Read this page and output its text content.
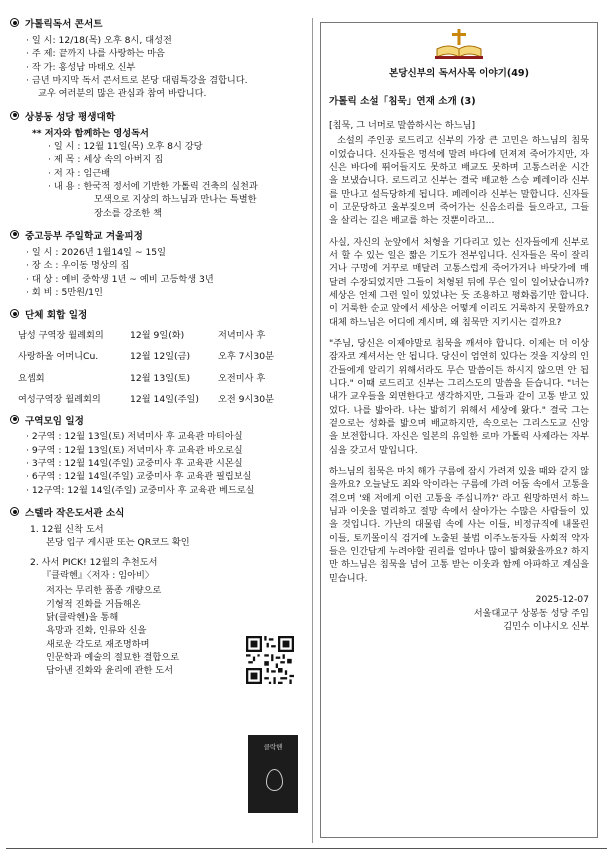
가톨릭독서 콘서트
· 일 시: 12/18(목) 오후 8시, 대성전
· 주 제: 끝까지 나를 사랑하는 마음
· 작 가: 홍성남 마태오 신부
· 금년 마지막 독서 콘서트로 본당 대림특강을 겸합니다.
교우 여러분의 많은 관심과 참여 바랍니다.
상봉동 성당 평생대학
** 저자와 함께하는 영성독서
· 일 시 : 12월 11일(목) 오후 8시 강당
· 제 목 : 세상 속의 아버지 집
· 저 자 : 임근배
· 내 용 : 한국적 정서에 기반한 가톨릭 건축의 실천과
모색으로 지상의 하느님과 만나는 특별한
장소를 강조한 책
중고등부 주일학교 겨울피정
· 일 시 : 2026년 1월14일 ~ 15일
· 장 소 : 우이동 명상의 집
· 대 상 : 예비 중학생 1년 ~ 예비 고등학생 3년
· 회 비 : 5만원/1인
단체 회합 일정
남성 구역장 월례회의	12월 9일(화)	저녁미사 후
사랑하올 어머니Cu.	12월 12일(금)	오후 7시30분
요셉회	12월 13일(토)	오전미사 후
여성구역장 월례회의	12월 14일(주일)	오전 9시30분
구역모임 일정
· 2구역 : 12월 13일(토) 저녁미사 후 교육관 마티아실
· 9구역 : 12월 13일(토) 저녁미사 후 교육관 바오로실
· 3구역 : 12월 14일(주일) 교중미사 후 교육관 시몬실
· 6구역 : 12월 14일(주일) 교중미사 후 교육관 필립보실
· 12구역: 12월 14일(주일) 교중미사 후 교육관 베드로실
스텔라 작은도서관 소식
1. 12월 신착 도서
본당 입구 게시판 또는 QR코드 확인
2. 사서 PICK! 12월의 추천도서
『클락헨』〈저자 : 임아비〉
저자는 무리한 품종 개량으로
기형적 진화를 거듭해온
닭(클락헨)을 통해
욕망과 진화, 인류와 신을
새로운 각도로 재조명하며
인문학과 예술의 절묘한 결합으로
담아낸 진화와 윤리에 관한 도서
클락헨
본당신부의 독서사목 이야기(49)
가톨릭 소설「침묵」연재 소개 (3)
[침묵, 그 너머로 말씀하시는 하느님]
소설의 주인공 로드리고 신부의 가장 큰 고민은 하느님의 침묵이었습니다. 신자들은 멍석에 말려 바다에 던져져 죽어가지만, 자신은 바다에 뛰어들지도 못하고 배교도 못하며 고통스러운 시간을 보냈습니다. 로드리고 신부는 결국 배교한 스승 페레이라 신부를 만나고 설득당하게 됩니다. 페레이라 신부는 말합니다. 신자들이 고문당하고 울부짖으며 죽어가는 신음소리를 들으라고, 그들을 살리는 길은 배교를 하는 것뿐이라고...
사실, 자신의 눈앞에서 처형을 기다리고 있는 신자들에게 신부로서 할 수 있는 일은 짧은 기도가 전부입니다. 신자들은 목이 잘리거나 구멍에 거꾸로 매달려 고통스럽게 죽어가거나 바닷가에 매달려 수장되었지만 그들이 처형된 뒤에 무슨 일이 일어났습니까? 세상은 언제 그런 일이 있었냐는 듯 조용하고 평화롭기만 합니다. 이 거룩한 순교 앞에서 세상은 어떻게 이리도 거룩하지 못할까요? 대체 하느님은 어디에 계시며, 왜 침묵만 지키시는 걸까요?
"주님, 당신은 이제야말로 침묵을 깨셔야 합니다. 이제는 더 이상 잠자코 계셔서는 안 됩니다. 당신이 엄연히 있다는 것을 지상의 인간들에게 알리기 위해서라도 무슨 말씀이든 하시지 않으면 안 됩니다." 이때 로드리고 신부는 그리스도의 말씀을 듣습니다. "너는 내가 교우들을 외면한다고 생각하지만, 그들과 같이 고통 받고 있었다. 나를 밟아라. 나는 밟히기 위해서 세상에 왔다." 결국 그는 겉으로는 성화를 밟으며 배교하지만, 속으로는 그리스도교 신앙을 보전합니다. 자신은 일본의 유일한 로마 가톨릭 사제라는 자부심을 갖고서 말입니다.
하느님의 침묵은 마치 해가 구름에 잠시 가려져 있을 때와 같지 않을까요? 오늘날도 죄와 악이라는 구름에 가려 어둠 속에서 고통을 겪으며 '왜 저에게 이런 고통을 주십니까?' 라고 원망하면서 하느님과 이웃을 멀리하고 절망 속에서 살아가는 수많은 사람들이 있을 것입니다. 가난의 대물림 속에 사는 이들, 비정규직에 내몰린 이들, 토끼몰이식 검거에 노출된 불법 이주노동자들 사회적 약자들은 인간답게 누려야할 권리를 얼마나 많이 밟혀왔을까요? 하지만 하느님은 침묵을 넘어 고통 받는 이웃과 함께 아파하고 계심을 믿습니다.
2025-12-07
서울대교구 상봉동 성당 주임
김민수 이냐시오 신부
